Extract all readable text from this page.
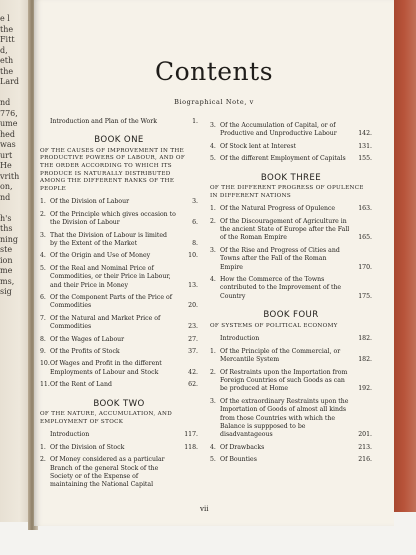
e l
the
Fitt
d,
eth
the
Lard
nd
776,
ume
hed
was
urt
He
vrith
on,
nd
h's
ths
ning
ste
ion
me
ms,
sig
Contents
Biographical Note, v
Introduction and Plan of the Work	1.
BOOK ONE
OF THE CAUSES OF IMPROVEMENT IN THE PRODUCTIVE POWERS OF LABOUR, AND OF THE ORDER ACCORDING TO WHICH ITS PRODUCE IS NATURALLY DISTRIBUTED AMONG THE DIFFERENT RANKS OF THE PEOPLE
1. Of the Division of Labour	3.
2. Of the Principle which gives occasion to the Division of Labour	6.
3. That the Division of Labour is limited by the Extent of the Market	8.
4. Of the Origin and Use of Money	10.
5. Of the Real and Nominal Price of Commodities, or their Price in Labour, and their Price in Money	13.
6. Of the Component Parts of the Price of Commodities	20.
7. Of the Natural and Market Price of Commodities	23.
8. Of the Wages of Labour	27.
9. Of the Profits of Stock	37.
10. Of Wages and Profit in the different Employments of Labour and Stock	42.
11. Of the Rent of Land	62.
BOOK TWO
OF THE NATURE, ACCUMULATION, AND EMPLOYMENT OF STOCK
Introduction	117.
1. Of the Division of Stock	118.
2. Of Money considered as a particular Branch of the general Stock of the Society or of the Expense of maintaining the National Capital
3. Of the Accumulation of Capital, or of Productive and Unproductive Labour	142.
4. Of Stock lent at Interest	131.
5. Of the different Employment of Capitals	155.
BOOK THREE
OF THE DIFFERENT PROGRESS OF OPULENCE IN DIFFERENT NATIONS
1. Of the Natural Progress of Opulence	163.
2. Of the Discouragement of Agriculture in the ancient State of Europe after the Fall of the Roman Empire	165.
3. Of the Rise and Progress of Cities and Towns after the Fall of the Roman Empire	170.
4. How the Commerce of the Towns contributed to the Improvement of the Country	175.
BOOK FOUR
OF SYSTEMS OF POLITICAL ECONOMY
Introduction	182.
1. Of the Principle of the Commercial, or Mercantile System	182.
2. Of Restraints upon the Importation from Foreign Countries of such Goods as can be produced at Home	192.
3. Of the extraordinary Restraints upon the Importation of Goods of almost all kinds from those Countries with which the Balance is suppposed to be disadvantageous	201.
4. Of Drawbacks	213.
5. Of Bounties	216.
vii
